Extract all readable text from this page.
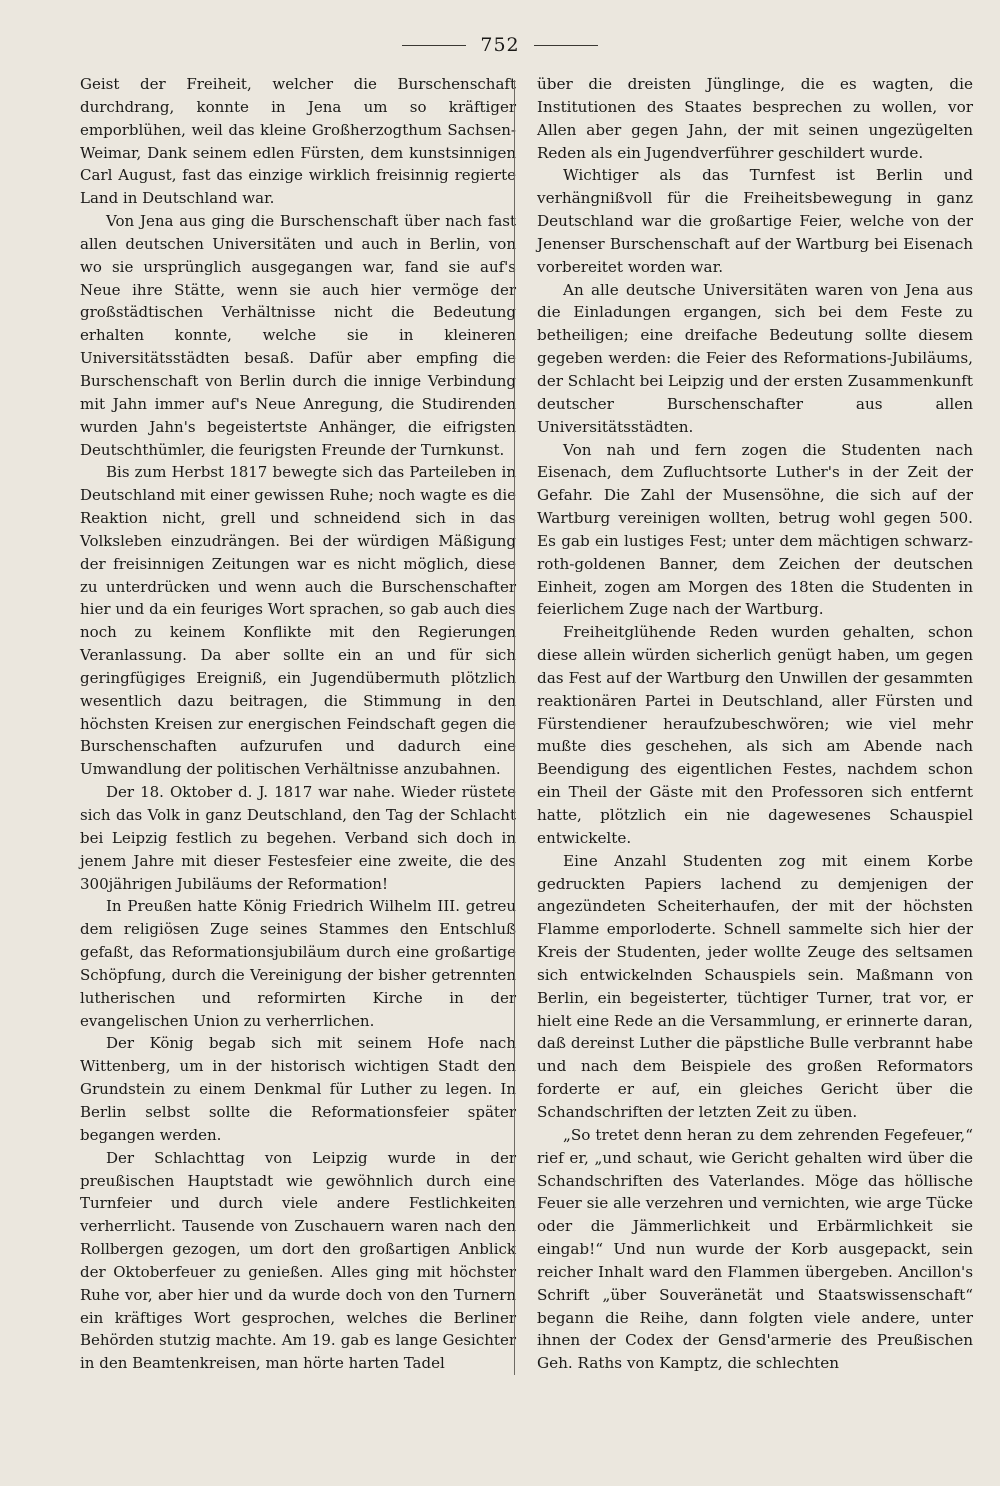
752

Geist der Freiheit, welcher die Burschenschaft durchdrang, konnte in Jena um so kräftiger emporblühen, weil das kleine Großherzogthum Sachsen-Weimar, Dank seinem edlen Fürsten, dem kunstsinnigen Carl August, fast das einzige wirklich freisinnig regierte Land in Deutschland war.

Von Jena aus ging die Burschenschaft über nach fast allen deutschen Universitäten und auch in Berlin, von wo sie ursprünglich ausgegangen war, fand sie auf's Neue ihre Stätte, wenn sie auch hier vermöge der großstädtischen Verhältnisse nicht die Bedeutung erhalten konnte, welche sie in kleineren Universitätsstädten besaß. Dafür aber empfing die Burschenschaft von Berlin durch die innige Verbindung mit Jahn immer auf's Neue Anregung, die Studirenden wurden Jahn's begeistertste Anhänger, die eifrigsten Deutschthümler, die feurigsten Freunde der Turnkunst.

Bis zum Herbst 1817 bewegte sich das Parteileben in Deutschland mit einer gewissen Ruhe; noch wagte es die Reaktion nicht, grell und schneidend sich in das Volksleben einzudrängen. Bei der würdigen Mäßigung der freisinnigen Zeitungen war es nicht möglich, diese zu unterdrücken und wenn auch die Burschenschafter hier und da ein feuriges Wort sprachen, so gab auch dies noch zu keinem Konflikte mit den Regierungen Veranlassung. Da aber sollte ein an und für sich geringfügiges Ereigniß, ein Jugendübermuth plötzlich wesentlich dazu beitragen, die Stimmung in den höchsten Kreisen zur energischen Feindschaft gegen die Burschenschaften aufzurufen und dadurch eine Umwandlung der politischen Verhältnisse anzubahnen.

Der 18. Oktober d. J. 1817 war nahe. Wieder rüstete sich das Volk in ganz Deutschland, den Tag der Schlacht bei Leipzig festlich zu begehen. Verband sich doch in jenem Jahre mit dieser Festesfeier eine zweite, die des 300jährigen Jubiläums der Reformation!

In Preußen hatte König Friedrich Wilhelm III. getreu dem religiösen Zuge seines Stammes den Entschluß gefaßt, das Reformationsjubiläum durch eine großartige Schöpfung, durch die Vereinigung der bisher getrennten lutherischen und reformirten Kirche in der evangelischen Union zu verherrlichen.

Der König begab sich mit seinem Hofe nach Wittenberg, um in der historisch wichtigen Stadt den Grundstein zu einem Denkmal für Luther zu legen. In Berlin selbst sollte die Reformationsfeier später begangen werden.

Der Schlachttag von Leipzig wurde in der preußischen Hauptstadt wie gewöhnlich durch eine Turnfeier und durch viele andere Festlichkeiten verherrlicht. Tausende von Zuschauern waren nach den Rollbergen gezogen, um dort den großartigen Anblick der Oktoberfeuer zu genießen. Alles ging mit höchster Ruhe vor, aber hier und da wurde doch von den Turnern ein kräftiges Wort gesprochen, welches die Berliner Behörden stutzig machte. Am 19. gab es lange Gesichter in den Beamtenkreisen, man hörte harten Tadel

über die dreisten Jünglinge, die es wagten, die Institutionen des Staates besprechen zu wollen, vor Allen aber gegen Jahn, der mit seinen ungezügelten Reden als ein Jugendverführer geschildert wurde.

Wichtiger als das Turnfest ist Berlin und verhängnißvoll für die Freiheitsbewegung in ganz Deutschland war die großartige Feier, welche von der Jenenser Burschenschaft auf der Wartburg bei Eisenach vorbereitet worden war.

An alle deutsche Universitäten waren von Jena aus die Einladungen ergangen, sich bei dem Feste zu betheiligen; eine dreifache Bedeutung sollte diesem gegeben werden: die Feier des Reformations-Jubiläums, der Schlacht bei Leipzig und der ersten Zusammenkunft deutscher Burschenschafter aus allen Universitätsstädten.

Von nah und fern zogen die Studenten nach Eisenach, dem Zufluchtsorte Luther's in der Zeit der Gefahr. Die Zahl der Musensöhne, die sich auf der Wartburg vereinigen wollten, betrug wohl gegen 500. Es gab ein lustiges Fest; unter dem mächtigen schwarz-roth-goldenen Banner, dem Zeichen der deutschen Einheit, zogen am Morgen des 18ten die Studenten in feierlichem Zuge nach der Wartburg.

Freiheitglühende Reden wurden gehalten, schon diese allein würden sicherlich genügt haben, um gegen das Fest auf der Wartburg den Unwillen der gesammten reaktionären Partei in Deutschland, aller Fürsten und Fürstendiener heraufzubeschwören; wie viel mehr mußte dies geschehen, als sich am Abende nach Beendigung des eigentlichen Festes, nachdem schon ein Theil der Gäste mit den Professoren sich entfernt hatte, plötzlich ein nie dagewesenes Schauspiel entwickelte.

Eine Anzahl Studenten zog mit einem Korbe gedruckten Papiers lachend zu demjenigen der angezündeten Scheiterhaufen, der mit der höchsten Flamme emporloderte. Schnell sammelte sich hier der Kreis der Studenten, jeder wollte Zeuge des seltsamen sich entwickelnden Schauspiels sein. Maßmann von Berlin, ein begeisterter, tüchtiger Turner, trat vor, er hielt eine Rede an die Versammlung, er erinnerte daran, daß dereinst Luther die päpstliche Bulle verbrannt habe und nach dem Beispiele des großen Reformators forderte er auf, ein gleiches Gericht über die Schandschriften der letzten Zeit zu üben.

„So tretet denn heran zu dem zehrenden Fegefeuer,“ rief er, „und schaut, wie Gericht gehalten wird über die Schandschriften des Vaterlandes. Möge das höllische Feuer sie alle verzehren und vernichten, wie arge Tücke oder die Jämmerlichkeit und Erbärmlichkeit sie eingab!“ Und nun wurde der Korb ausgepackt, sein reicher Inhalt ward den Flammen übergeben. Ancillon's Schrift „über Souveränetät und Staatswissenschaft“ begann die Reihe, dann folgten viele andere, unter ihnen der Codex der Gensd'armerie des Preußischen Geh. Raths von Kamptz, die schlechten
